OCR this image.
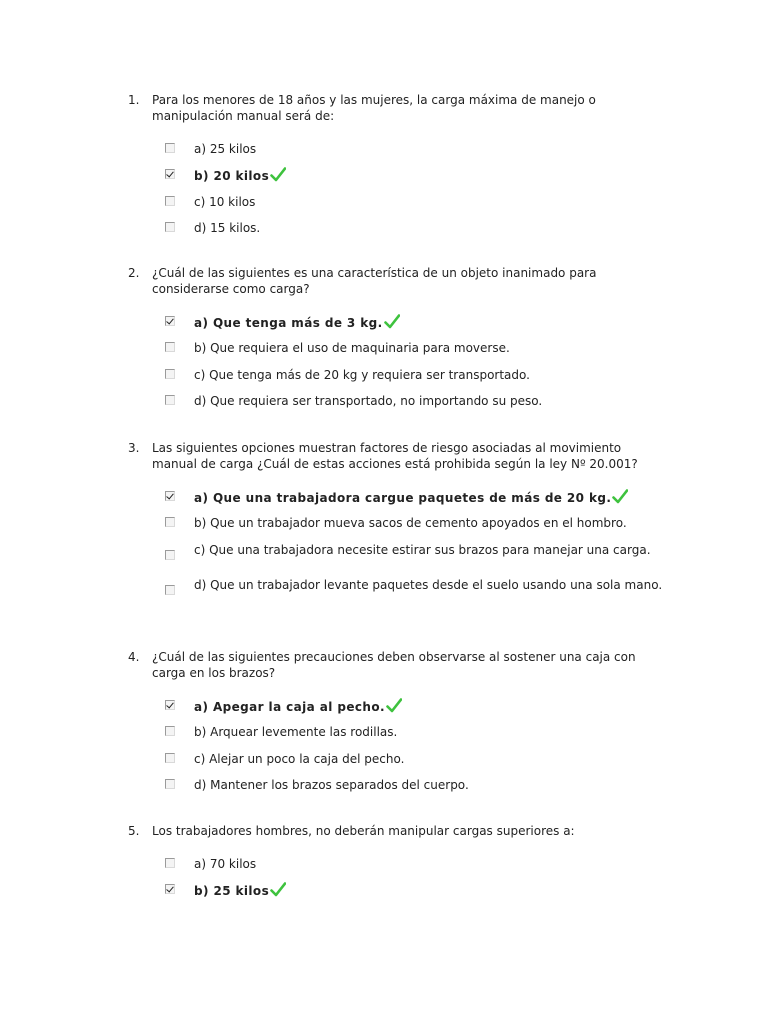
1.	Para los menores de 18 años y las mujeres, la carga máxima de manejo o manipulación manual será de:
a) 25 kilos
b) 20 kilos
c) 10 kilos
d) 15 kilos.
2.	¿Cuál de las siguientes es una característica de un objeto inanimado para considerarse como carga?
a) Que tenga más de 3 kg.
b) Que requiera el uso de maquinaria para moverse.
c) Que tenga más de 20 kg y requiera ser transportado.
d) Que requiera ser transportado, no importando su peso.
3.	Las siguientes opciones muestran factores de riesgo asociadas al movimiento manual de carga ¿Cuál de estas acciones está prohibida según la ley Nº 20.001?
a) Que una trabajadora cargue paquetes de más de 20 kg.
b) Que un trabajador mueva sacos de cemento apoyados en el hombro.
c) Que una trabajadora necesite estirar sus brazos para manejar una carga.
d) Que un trabajador levante paquetes desde el suelo usando una sola mano.
4.	¿Cuál de las siguientes precauciones deben observarse al sostener una caja con carga en los brazos?
a) Apegar la caja al pecho.
b) Arquear levemente las rodillas.
c) Alejar un poco la caja del pecho.
d) Mantener los brazos separados del cuerpo.
5.	Los trabajadores hombres, no deberán manipular cargas superiores a:
a) 70 kilos
b) 25 kilos
